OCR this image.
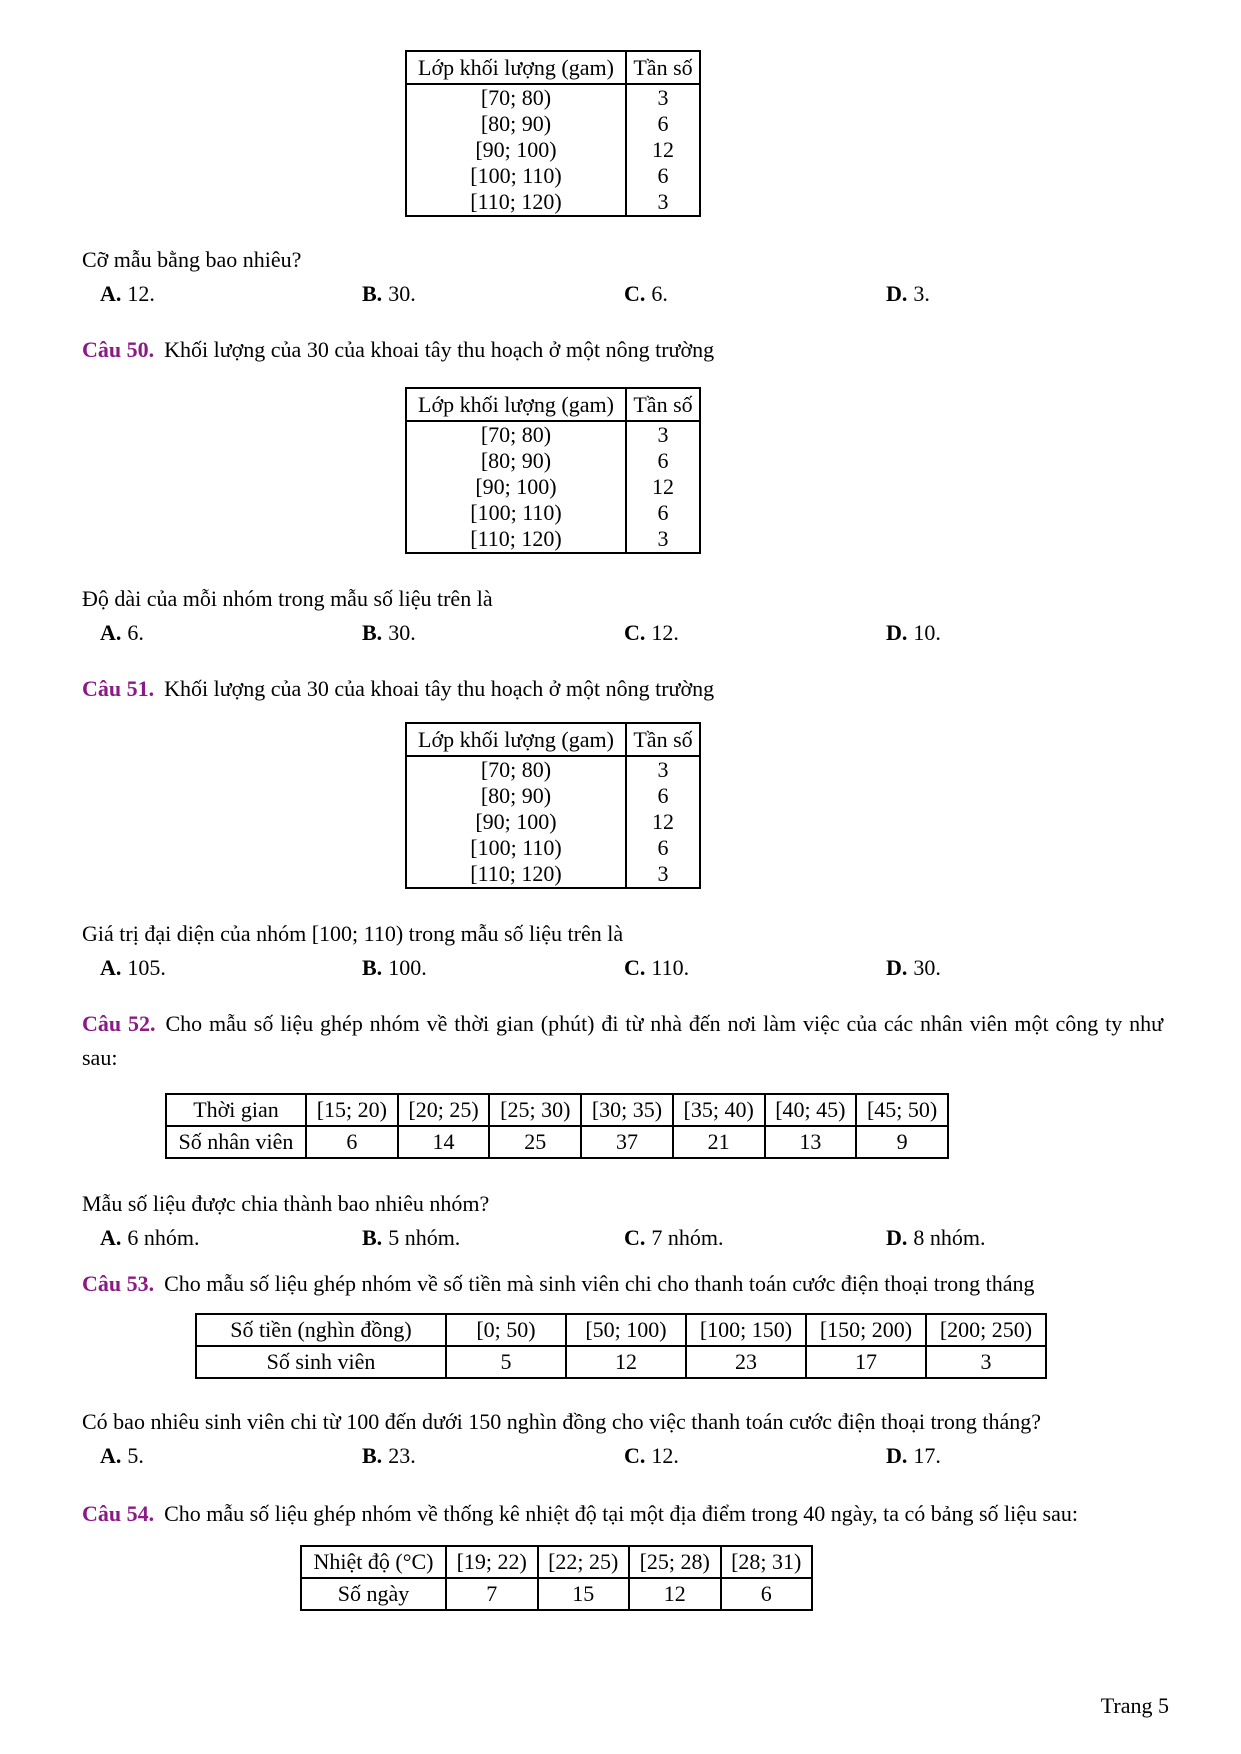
Lớp khối lượng (gam)	Tần số
[70; 80)	3
[80; 90)	6
[90; 100)	12
[100; 110)	6
[110; 120)	3
Cỡ mẫu bằng bao nhiêu?
A. 12.	B. 30.	C. 6.	D. 3.
Câu 50. Khối lượng của 30 của khoai tây thu hoạch ở một nông trường
Lớp khối lượng (gam)	Tần số
[70; 80)	3
[80; 90)	6
[90; 100)	12
[100; 110)	6
[110; 120)	3
Độ dài của mỗi nhóm trong mẫu số liệu trên là
A. 6.	B. 30.	C. 12.	D. 10.
Câu 51. Khối lượng của 30 của khoai tây thu hoạch ở một nông trường
Lớp khối lượng (gam)	Tần số
[70; 80)	3
[80; 90)	6
[90; 100)	12
[100; 110)	6
[110; 120)	3
Giá trị đại diện của nhóm [100; 110) trong mẫu số liệu trên là
A. 105.	B. 100.	C. 110.	D. 30.
Câu 52. Cho mẫu số liệu ghép nhóm về thời gian (phút) đi từ nhà đến nơi làm việc của các nhân viên một công ty như sau:
Thời gian	[15; 20)	[20; 25)	[25; 30)	[30; 35)	[35; 40)	[40; 45)	[45; 50)
Số nhân viên	6	14	25	37	21	13	9
Mẫu số liệu được chia thành bao nhiêu nhóm?
A. 6 nhóm.	B. 5 nhóm.	C. 7 nhóm.	D. 8 nhóm.
Câu 53. Cho mẫu số liệu ghép nhóm về số tiền mà sinh viên chi cho thanh toán cước điện thoại trong tháng
Số tiền (nghìn đồng)	[0; 50)	[50; 100)	[100; 150)	[150; 200)	[200; 250)
Số sinh viên	5	12	23	17	3
Có bao nhiêu sinh viên chi từ 100 đến dưới 150 nghìn đồng cho việc thanh toán cước điện thoại trong tháng?
A. 5.	B. 23.	C. 12.	D. 17.
Câu 54. Cho mẫu số liệu ghép nhóm về thống kê nhiệt độ tại một địa điểm trong 40 ngày, ta có bảng số liệu sau:
Nhiệt độ (°C)	[19; 22)	[22; 25)	[25; 28)	[28; 31)
Số ngày	7	15	12	6
Trang 5
